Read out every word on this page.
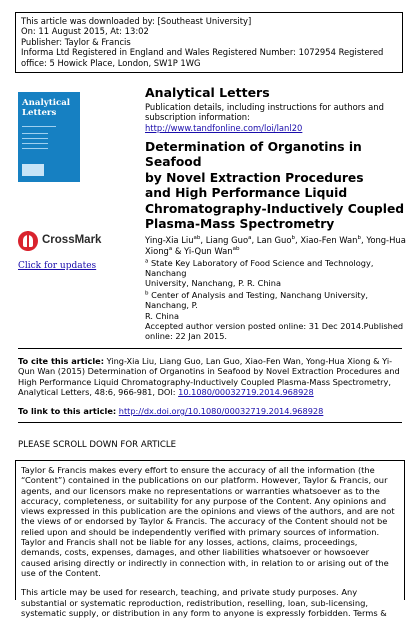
This article was downloaded by: [Southeast University]
On: 11 August 2015, At: 13:02
Publisher: Taylor & Francis
Informa Ltd Registered in England and Wales Registered Number: 1072954 Registered
office: 5 Howick Place, London, SW1P 1WG
Analytical
Letters
CrossMark
Click for updates
Analytical Letters
Publication details, including instructions for authors and
subscription information:
http://www.tandfonline.com/loi/lanl20
Determination of Organotins in Seafood
by Novel Extraction Procedures
and High Performance Liquid
Chromatography-Inductively Coupled
Plasma-Mass Spectrometry
Ying-Xia Liu$^{ab}$, Liang Guo$^a$, Lan Guo$^b$, Xiao-Fen Wan$^b$, Yong-Hua Xiong$^a$ & Yi-Qun Wan$^{ab}$
$^a$ State Key Laboratory of Food Science and Technology, Nanchang
University, Nanchang, P. R. China
$^b$ Center of Analysis and Testing, Nanchang University, Nanchang, P.
R. China
Accepted author version posted online: 31 Dec 2014.Published
online: 22 Jan 2015.
To cite this article: Ying-Xia Liu, Liang Guo, Lan Guo, Xiao-Fen Wan, Yong-Hua Xiong & Yi-Qun Wan (2015) Determination of Organotins in Seafood by Novel Extraction Procedures and High Performance Liquid Chromatography-Inductively Coupled Plasma-Mass Spectrometry, Analytical Letters, 48:6, 966-981, DOI: 10.1080/00032719.2014.968928
To link to this article: http://dx.doi.org/10.1080/00032719.2014.968928
PLEASE SCROLL DOWN FOR ARTICLE

Taylor & Francis makes every effort to ensure the accuracy of all the information (the “Content”) contained in the publications on our platform. However, Taylor & Francis, our agents, and our licensors make no representations or warranties whatsoever as to the accuracy, completeness, or suitability for any purpose of the Content. Any opinions and views expressed in this publication are the opinions and views of the authors, and are not the views of or endorsed by Taylor & Francis. The accuracy of the Content should not be relied upon and should be independently verified with primary sources of information. Taylor and Francis shall not be liable for any losses, actions, claims, proceedings, demands, costs, expenses, damages, and other liabilities whatsoever or howsoever caused arising directly or indirectly in connection with, in relation to or arising out of the use of the Content.

This article may be used for research, teaching, and private study purposes. Any substantial or systematic reproduction, redistribution, reselling, loan, sub-licensing, systematic supply, or distribution in any form to anyone is expressly forbidden. Terms &
